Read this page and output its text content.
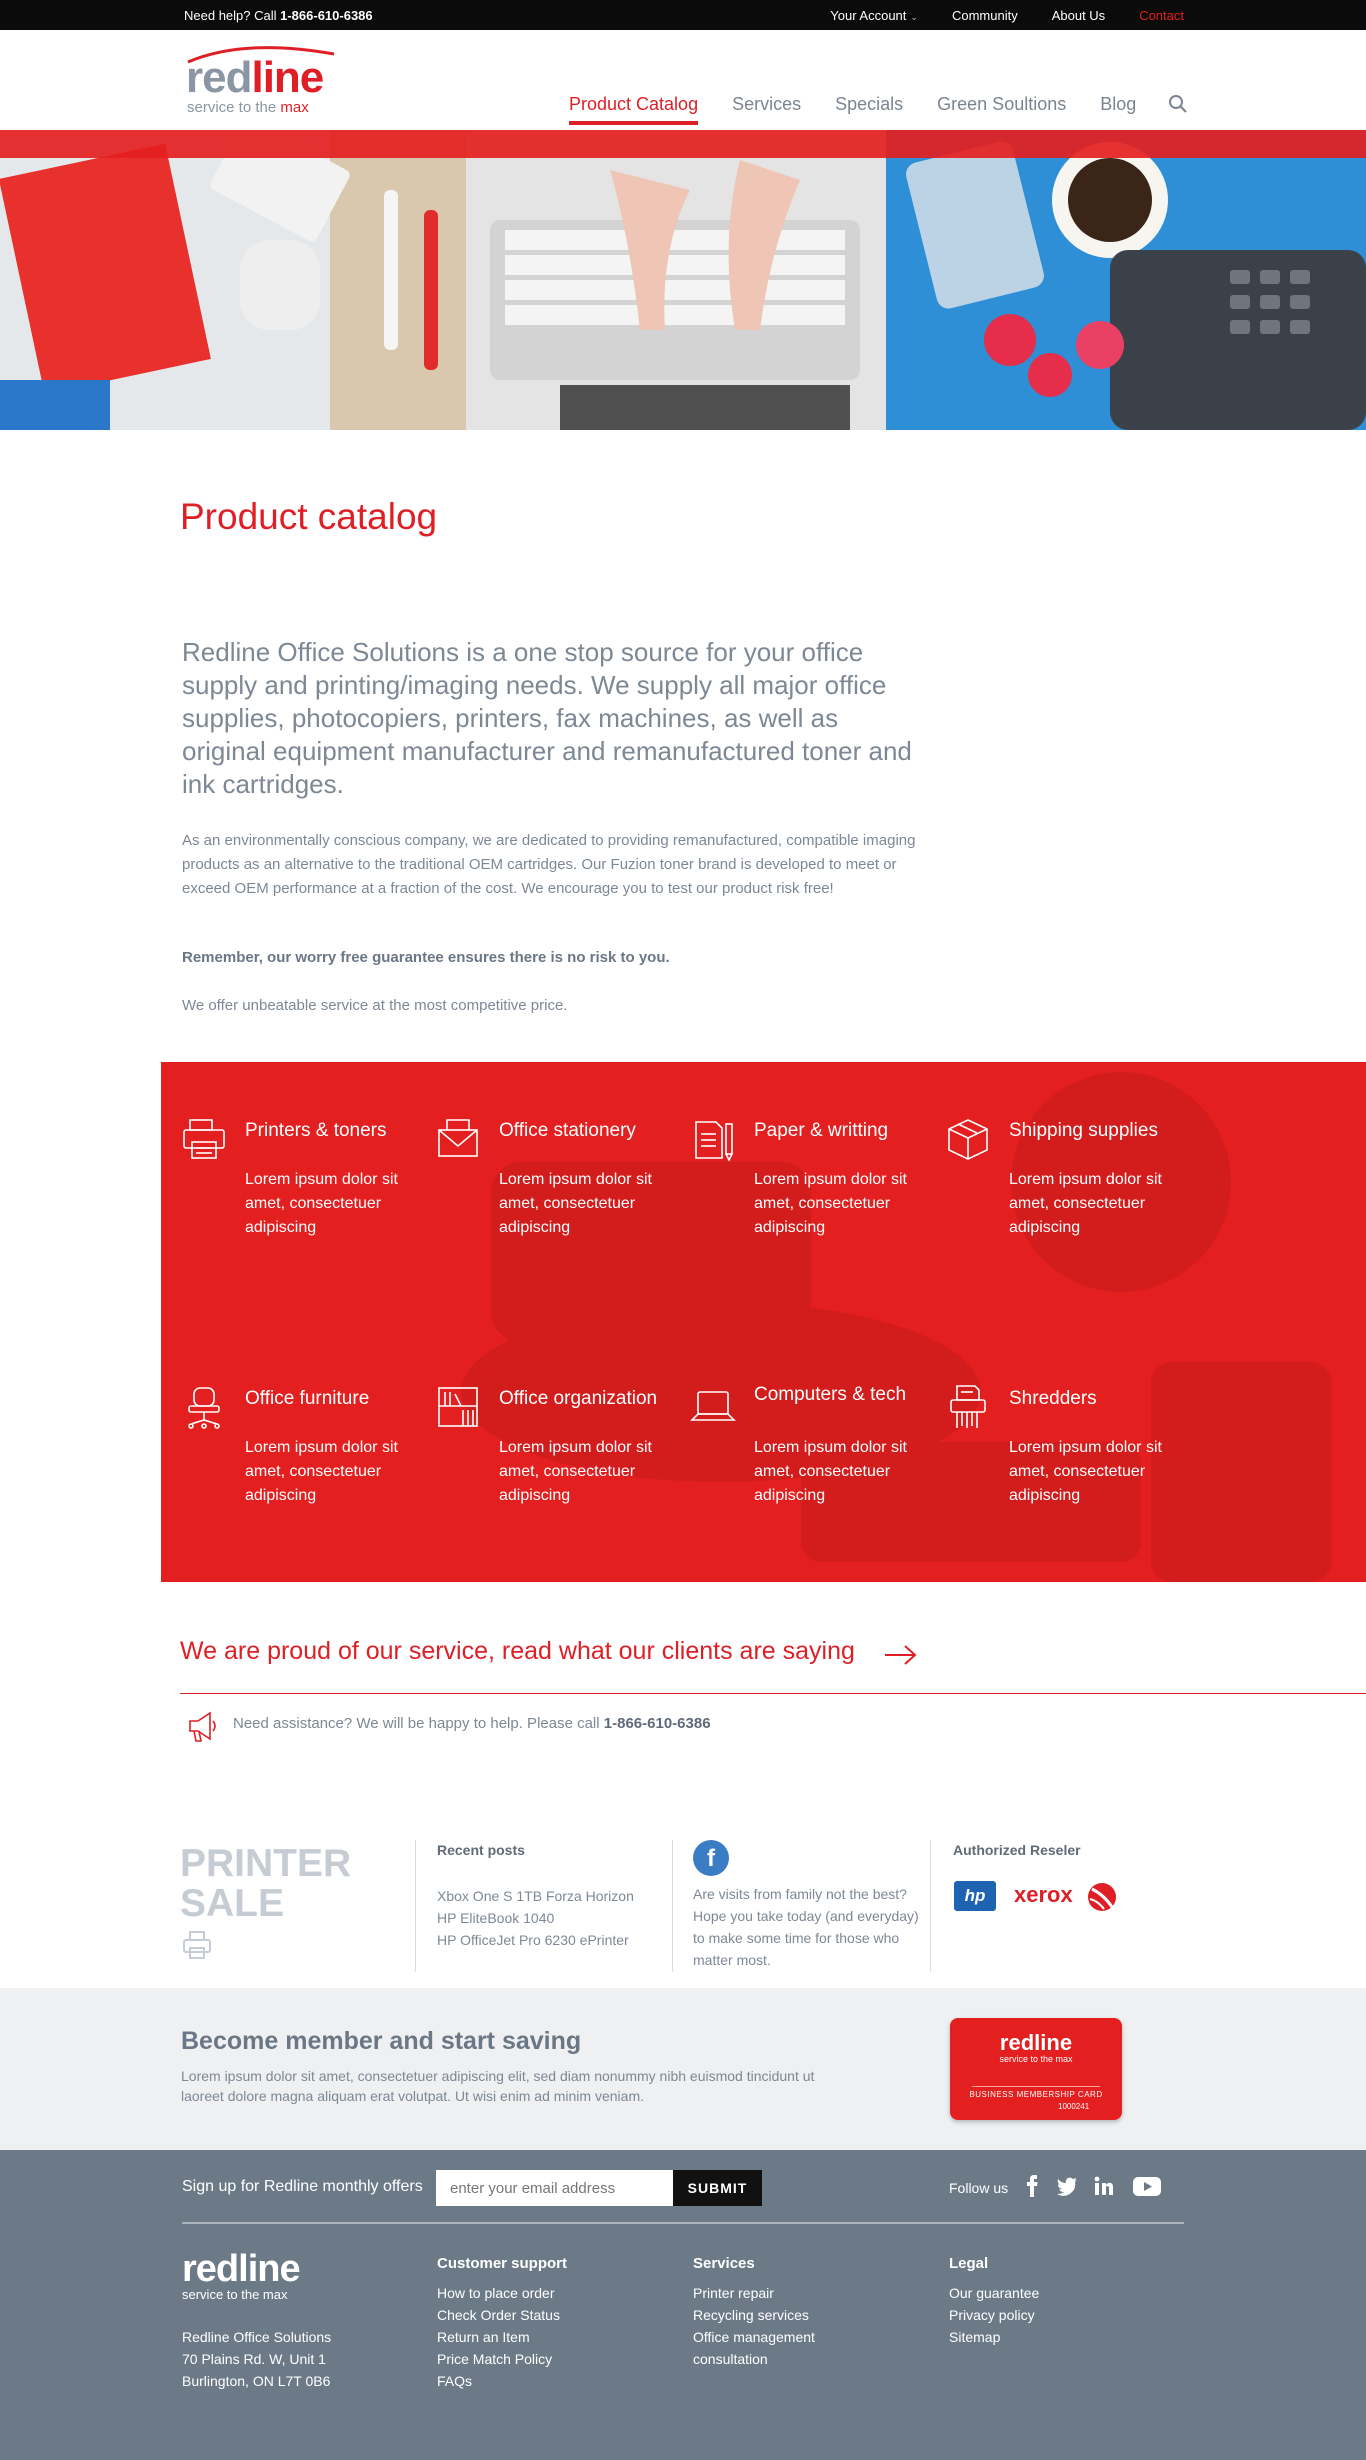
Need help? Call 1-866-610-6386	Your Account ⌄	Community	About Us	Contact
redline
service to the max	Product Catalog Services Specials Green Soultions Blog
Product catalog

Redline Office Solutions is a one stop source for your office supply and printing/imaging needs. We supply all major office supplies, photocopiers, printers, fax machines, as well as original equipment manufacturer and remanufactured toner and ink cartridges.

As an environmentally conscious company, we are dedicated to providing remanufactured, compatible imaging products as an alternative to the traditional OEM cartridges. Our Fuzion toner brand is developed to meet or exceed OEM performance at a fraction of the cost. We encourage you to test our product risk free!

Remember, our worry free guarantee ensures there is no risk to you.

We offer unbeatable service at the most competitive price.

Printers & toners
Lorem ipsum dolor sit amet, consectetuer adipiscing
Office stationery
Lorem ipsum dolor sit amet, consectetuer adipiscing
Paper & writting
Lorem ipsum dolor sit amet, consectetuer adipiscing
Shipping supplies
Lorem ipsum dolor sit amet, consectetuer adipiscing
Office furniture
Lorem ipsum dolor sit amet, consectetuer adipiscing
Office organization
Lorem ipsum dolor sit amet, consectetuer adipiscing
Computers & tech
Lorem ipsum dolor sit amet, consectetuer adipiscing
Shredders
Lorem ipsum dolor sit amet, consectetuer adipiscing
We are proud of our service, read what our clients are saying
Need assistance? We will be happy to help. Please call 1-866-610-6386
PRINTER
SALE
Recent posts
Xbox One S 1TB Forza Horizon
HP EliteBook 1040
HP OfficeJet Pro 6230 ePrinter
f
Are visits from family not the best? Hope you take today (and everyday) to make some time for those who matter most.
Authorized Reseler
hp	xerox
Become member and start saving

Lorem ipsum dolor sit amet, consectetuer adipiscing elit, sed diam nonummy nibh euismod tincidunt ut laoreet dolore magna aliquam erat volutpat. Ut wisi enim ad minim veniam.

redline
service to the max
BUSINESS MEMBERSHIP CARD
1000241
Sign up for Redline monthly offers
enter your email address	SUBMIT	Follow us
redline
service to the max
Redline Office Solutions
70 Plains Rd. W, Unit 1
Burlington, ON L7T 0B6
Customer support
How to place order
Check Order Status
Return an Item
Price Match Policy
FAQs
Services
Printer repair
Recycling services
Office management
consultation
Legal
Our guarantee
Privacy policy
Sitemap
